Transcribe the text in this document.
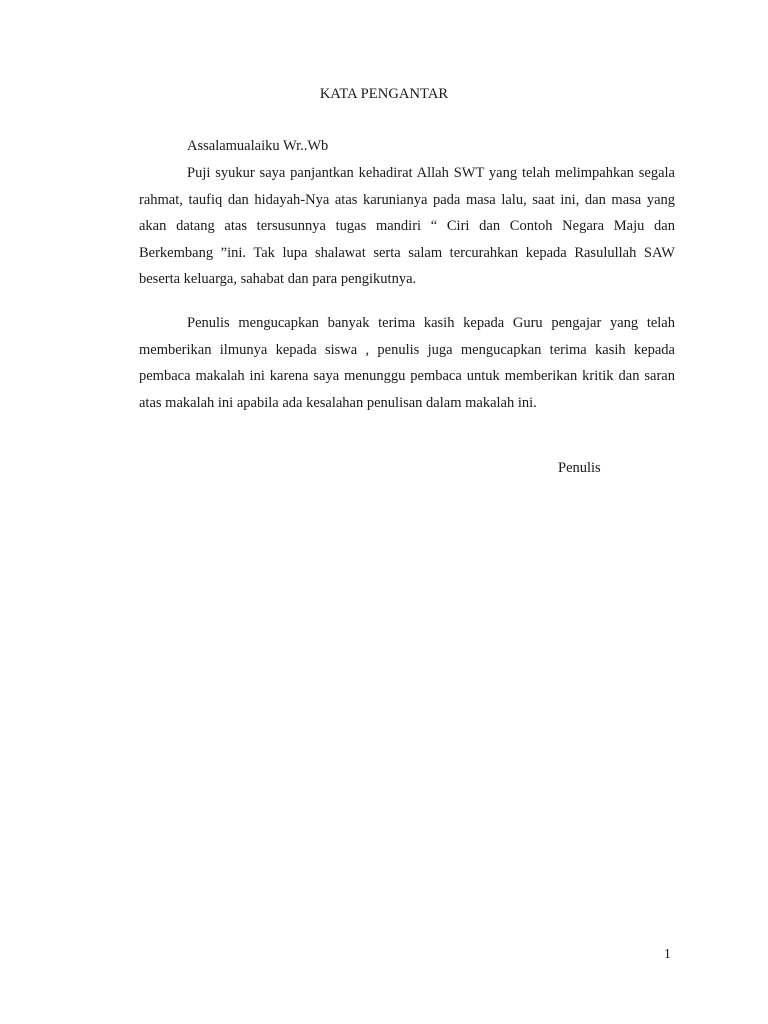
KATA PENGANTAR

Assalamualaiku Wr..Wb

Puji syukur saya panjantkan kehadirat Allah SWT yang telah melimpahkan segala rahmat, taufiq dan hidayah-Nya atas karunianya pada masa lalu, saat ini, dan masa yang akan datang atas tersusunnya tugas mandiri “ Ciri dan Contoh Negara Maju dan Berkembang ”ini. Tak lupa shalawat serta salam tercurahkan kepada Rasulullah SAW beserta keluarga, sahabat dan para pengikutnya.

Penulis mengucapkan banyak terima kasih kepada Guru pengajar yang telah memberikan ilmunya kepada siswa , penulis juga mengucapkan terima kasih kepada pembaca makalah ini karena saya menunggu pembaca untuk memberikan kritik dan saran atas makalah ini apabila ada kesalahan penulisan dalam makalah ini.

Penulis

1
